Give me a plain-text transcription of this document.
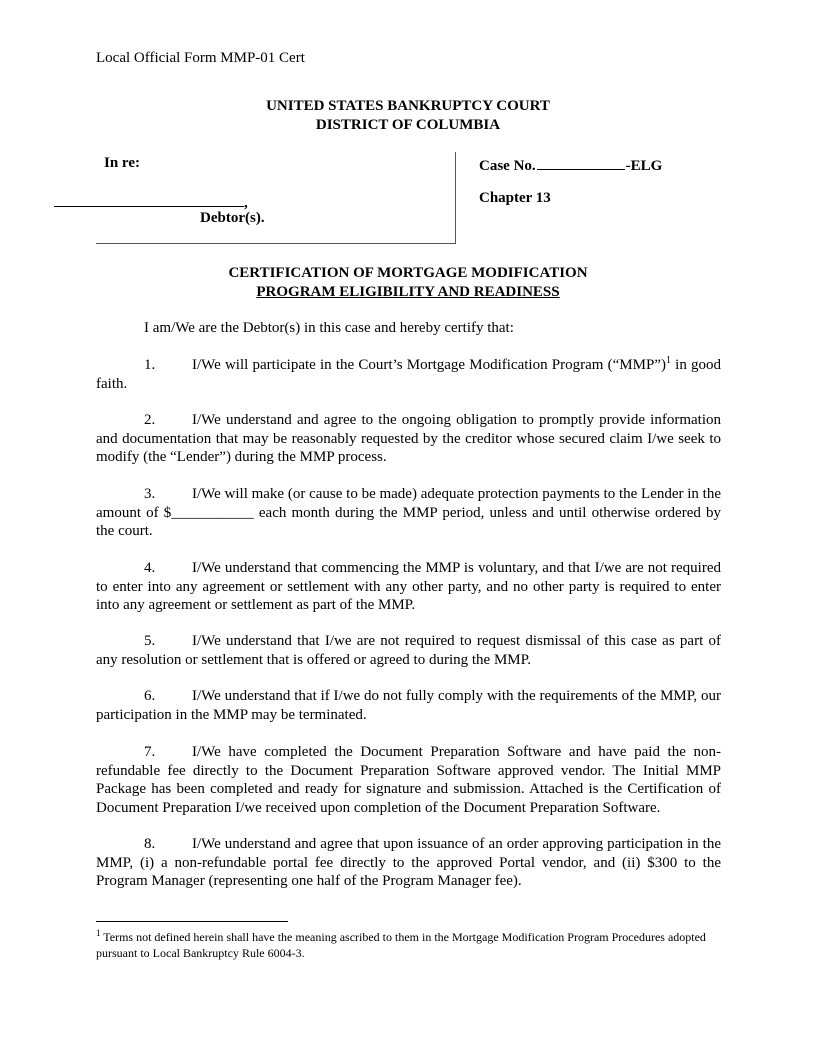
Local Official Form MMP-01 Cert
UNITED STATES BANKRUPTCY COURT
DISTRICT OF COLUMBIA
In re:
,
Debtor(s).
Case No.	-ELG
Chapter 13
CERTIFICATION OF MORTGAGE MODIFICATION
PROGRAM ELIGIBILITY AND READINESS
I am/We are the Debtor(s) in this case and hereby certify that:
1. I/We will participate in the Court’s Mortgage Modification Program (“MMP”)$^1$ in good faith.
2. I/We understand and agree to the ongoing obligation to promptly provide information and documentation that may be reasonably requested by the creditor whose secured claim I/we seek to modify (the “Lender”) during the MMP process.
3. I/We will make (or cause to be made) adequate protection payments to the Lender in the amount of $___________ each month during the MMP period, unless and until otherwise ordered by the court.
4. I/We understand that commencing the MMP is voluntary, and that I/we are not required to enter into any agreement or settlement with any other party, and no other party is required to enter into any agreement or settlement as part of the MMP.
5. I/We understand that I/we are not required to request dismissal of this case as part of any resolution or settlement that is offered or agreed to during the MMP.
6. I/We understand that if I/we do not fully comply with the requirements of the MMP, our participation in the MMP may be terminated.
7. I/We have completed the Document Preparation Software and have paid the non-refundable fee directly to the Document Preparation Software approved vendor. The Initial MMP Package has been completed and ready for signature and submission. Attached is the Certification of Document Preparation I/we received upon completion of the Document Preparation Software.
8. I/We understand and agree that upon issuance of an order approving participation in the MMP, (i) a non-refundable portal fee directly to the approved Portal vendor, and (ii) $300 to the Program Manager (representing one half of the Program Manager fee).
$^1$ Terms not defined herein shall have the meaning ascribed to them in the Mortgage Modification Program Procedures adopted pursuant to Local Bankruptcy Rule 6004-3.
